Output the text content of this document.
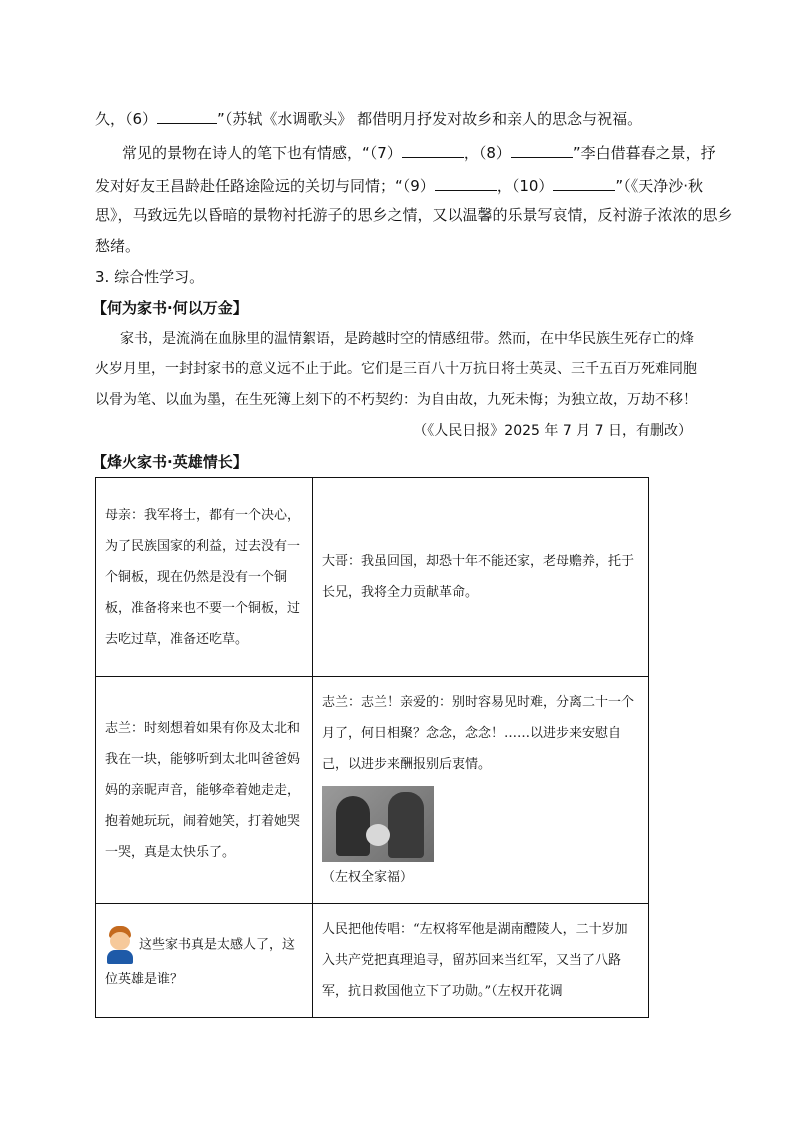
久，（6）	”（苏轼《水调歌头》 都借明月抒发对故乡和亲人的思念与祝福。
常见的景物在诗人的笔下也有情感，“（7）	，（8）	”李白借暮春之景，抒
发对好友王昌龄赴任路途险远的关切与同情；“（9）	，（10）	”（《天净沙·秋
思》，马致远先以昏暗的景物衬托游子的思乡之情，又以温馨的乐景写哀情，反衬游子浓浓的思乡
愁绪。
3. 综合性学习。
【何为家书·何以万金】
家书，是流淌在血脉里的温情絮语，是跨越时空的情感纽带。然而，在中华民族生死存亡的烽
火岁月里，一封封家书的意义远不止于此。它们是三百八十万抗日将士英灵、三千五百万死难同胞
以骨为笔、以血为墨，在生死簿上刻下的不朽契约：为自由故，九死未悔；为独立故，万劫不移！
（《人民日报》2025 年 7 月 7 日，有删改）
【烽火家书·英雄情长】
母亲：我军将士，都有一个决心，为了民族国家的利益，过去没有一个铜板，现在仍然是没有一个铜板，准备将来也不要一个铜板，过去吃过草，准备还吃草。	大哥：我虽回国，却恐十年不能还家，老母赡养，托于长兄，我将全力贡献革命。
志兰：时刻想着如果有你及太北和我在一块，能够听到太北叫爸爸妈妈的亲昵声音，能够牵着她走走，抱着她玩玩，闹着她笑，打着她哭一哭，真是太快乐了。	志兰：志兰！亲爱的：别时容易见时难，分离二十一个月了，何日相聚？念念，念念！……以进步来安慰自己，以进步来酬报别后衷情。
（左权全家福）

这些家书真是太感人了，这位英雄是谁？	人民把他传唱：“左权将军他是湖南醴陵人，二十岁加入共产党把真理追寻，留苏回来当红军，又当了八路军，抗日救国他立下了功勋。”（左权开花调
